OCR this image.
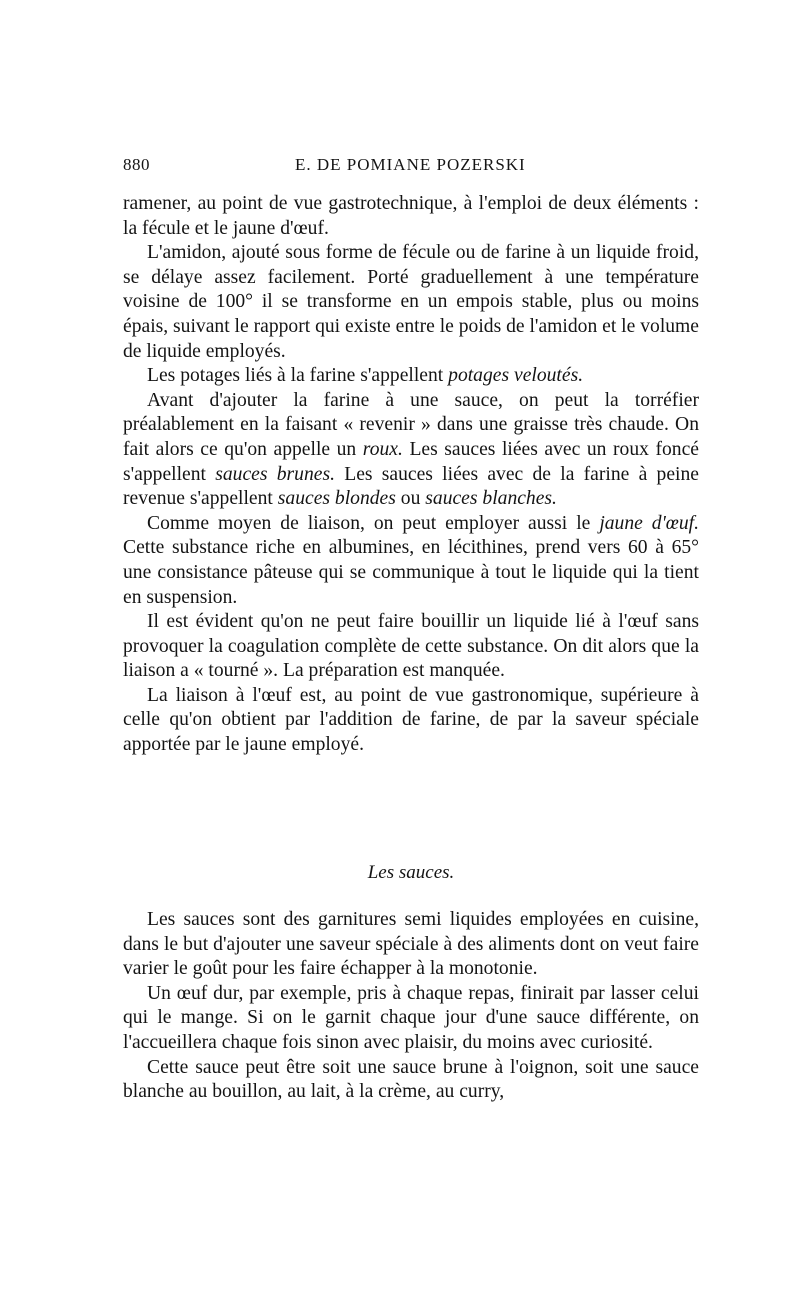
880	E. DE POMIANE POZERSKI

ramener, au point de vue gastrotechnique, à l'emploi de deux éléments : la fécule et le jaune d'œuf.

L'amidon, ajouté sous forme de fécule ou de farine à un liquide froid, se délaye assez facilement. Porté graduellement à une température voisine de 100° il se transforme en un empois stable, plus ou moins épais, suivant le rapport qui existe entre le poids de l'amidon et le volume de liquide employés.

Les potages liés à la farine s'appellent potages veloutés.

Avant d'ajouter la farine à une sauce, on peut la torréfier préalablement en la faisant « revenir » dans une graisse très chaude. On fait alors ce qu'on appelle un roux. Les sauces liées avec un roux foncé s'appellent sauces brunes. Les sauces liées avec de la farine à peine revenue s'appellent sauces blondes ou sauces blanches.

Comme moyen de liaison, on peut employer aussi le jaune d'œuf. Cette substance riche en albumines, en lécithines, prend vers 60 à 65° une consistance pâteuse qui se communique à tout le liquide qui la tient en suspension.

Il est évident qu'on ne peut faire bouillir un liquide lié à l'œuf sans provoquer la coagulation complète de cette substance. On dit alors que la liaison a « tourné ». La préparation est manquée.

La liaison à l'œuf est, au point de vue gastronomique, supérieure à celle qu'on obtient par l'addition de farine, de par la saveur spéciale apportée par le jaune employé.

Les sauces.

Les sauces sont des garnitures semi liquides employées en cuisine, dans le but d'ajouter une saveur spéciale à des aliments dont on veut faire varier le goût pour les faire échapper à la monotonie.

Un œuf dur, par exemple, pris à chaque repas, finirait par lasser celui qui le mange. Si on le garnit chaque jour d'une sauce différente, on l'accueillera chaque fois sinon avec plaisir, du moins avec curiosité.

Cette sauce peut être soit une sauce brune à l'oignon, soit une sauce blanche au bouillon, au lait, à la crème, au curry,
